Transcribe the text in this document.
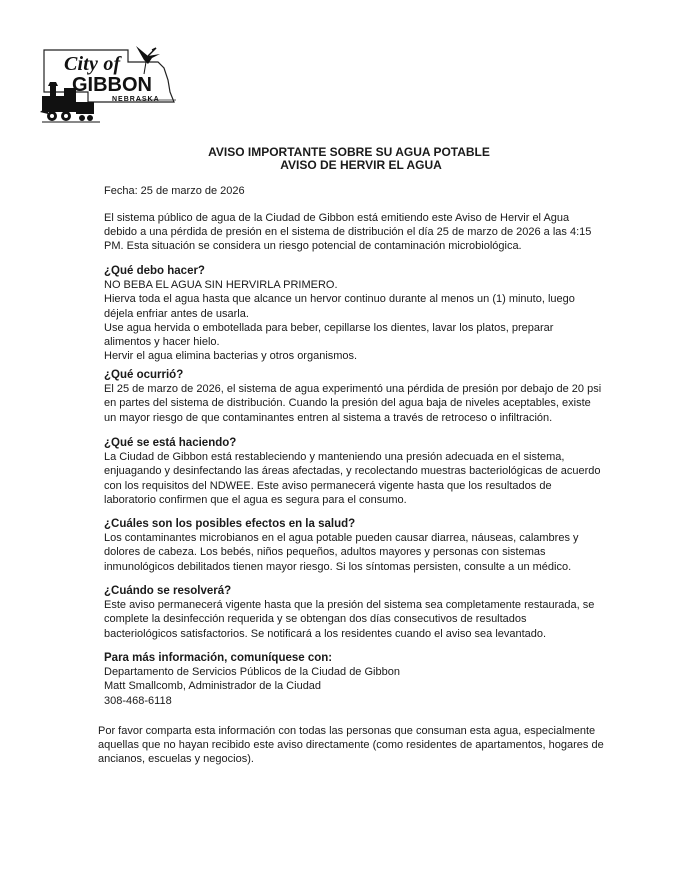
City of

GIBBON

NEBRASKA

AVISO IMPORTANTE SOBRE SU AGUA POTABLE
AVISO DE HERVIR EL AGUA

Fecha: 25 de marzo de 2026

El sistema público de agua de la Ciudad de Gibbon está emitiendo este Aviso de Hervir el Agua debido a una pérdida de presión en el sistema de distribución el día 25 de marzo de 2026 a las 4:15 PM. Esta situación se considera un riesgo potencial de contaminación microbiológica.

¿Qué debo hacer?

NO BEBA EL AGUA SIN HERVIRLA PRIMERO.

Hierva toda el agua hasta que alcance un hervor continuo durante al menos un (1) minuto, luego déjela enfriar antes de usarla.

Use agua hervida o embotellada para beber, cepillarse los dientes, lavar los platos, preparar alimentos y hacer hielo.

Hervir el agua elimina bacterias y otros organismos.

¿Qué ocurrió?

El 25 de marzo de 2026, el sistema de agua experimentó una pérdida de presión por debajo de 20 psi en partes del sistema de distribución. Cuando la presión del agua baja de niveles aceptables, existe un mayor riesgo de que contaminantes entren al sistema a través de retroceso o infiltración.

¿Qué se está haciendo?

La Ciudad de Gibbon está restableciendo y manteniendo una presión adecuada en el sistema, enjuagando y desinfectando las áreas afectadas, y recolectando muestras bacteriológicas de acuerdo con los requisitos del NDWEE. Este aviso permanecerá vigente hasta que los resultados de laboratorio confirmen que el agua es segura para el consumo.

¿Cuáles son los posibles efectos en la salud?

Los contaminantes microbianos en el agua potable pueden causar diarrea, náuseas, calambres y dolores de cabeza. Los bebés, niños pequeños, adultos mayores y personas con sistemas inmunológicos debilitados tienen mayor riesgo. Si los síntomas persisten, consulte a un médico.

¿Cuándo se resolverá?

Este aviso permanecerá vigente hasta que la presión del sistema sea completamente restaurada, se complete la desinfección requerida y se obtengan dos días consecutivos de resultados bacteriológicos satisfactorios. Se notificará a los residentes cuando el aviso sea levantado.

Para más información, comuníquese con:

Departamento de Servicios Públicos de la Ciudad de Gibbon

Matt Smallcomb, Administrador de la Ciudad

308-468-6118

Por favor comparta esta información con todas las personas que consuman esta agua, especialmente aquellas que no hayan recibido este aviso directamente (como residentes de apartamentos, hogares de ancianos, escuelas y negocios).
